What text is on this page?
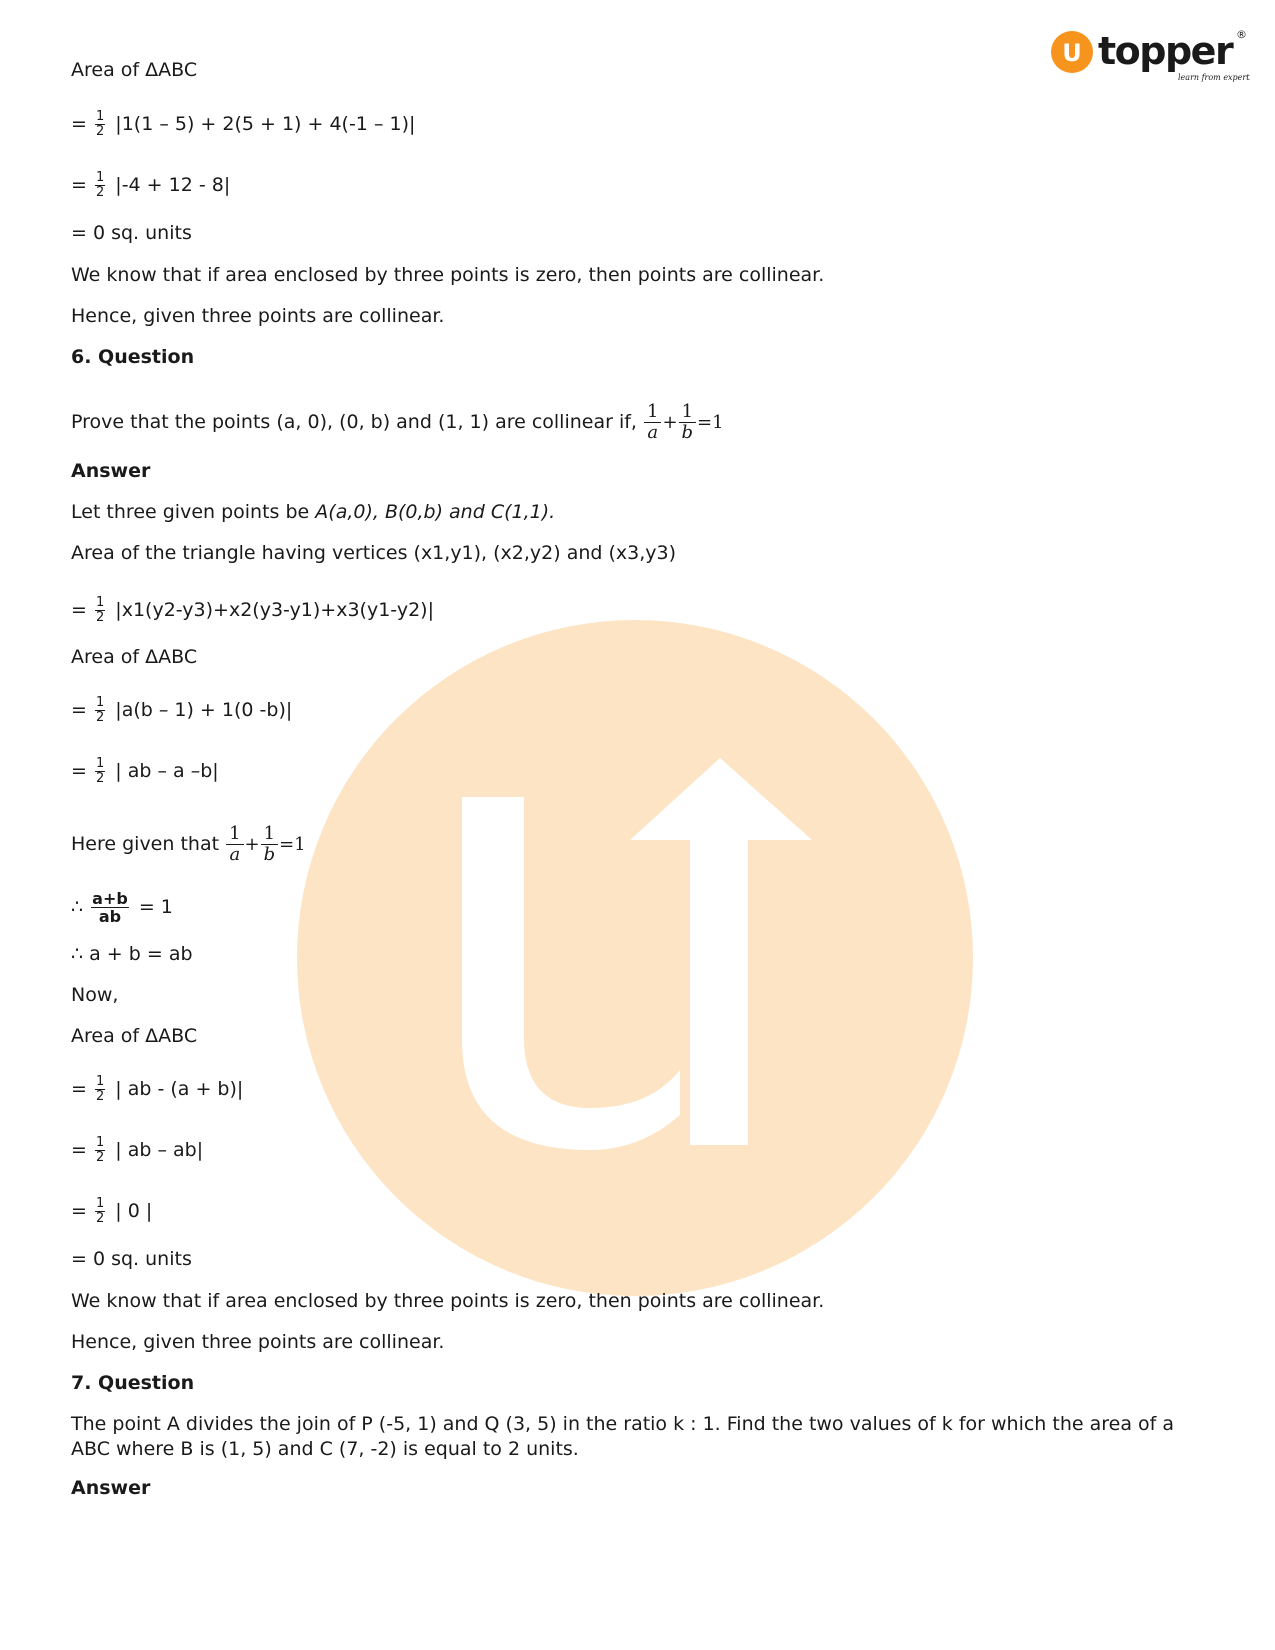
U topper ®
learn from experts
Area of ΔABC
= $\frac{1}{2} |1(1 - 5) + 2(5 + 1) + 4(-1 - 1)|$
= $\frac{1}{2} |-4 + 12 - 8|$
= 0 sq. units
We know that if area enclosed by three points is zero, then points are collinear.
Hence, given three points are collinear.
6. Question
Prove that the points (a, 0), (0, b) and (1, 1) are collinear if, $\frac{1}{a} + \frac{1}{b} =1$
Answer
Let three given points be A(a,0), B(0,b) and C(1,1).
Area of the triangle having vertices (x1,y1), (x2,y2) and (x3,y3)
= $\frac{1}{2} |x1(y2-y3)+x2(y3-y1)+x3(y1-y2)|$
Area of ΔABC
= $\frac{1}{2} |a(b - 1) + 1(0$ -b)|
= $\frac{1}{2}$ | ab – a –b|
Here given that $\frac{1}{a} + \frac{1}{b} =1$
∴ $\frac{a+b}{ab} = 1$
∴ a + b = ab
Now,
Area of ΔABC
= $\frac{1}{2}$ | ab - (a + b)|
= $\frac{1}{2}$ | ab – ab|
= $\frac{1}{2}$ | 0 |
= 0 sq. units
We know that if area enclosed by three points is zero, then points are collinear.
Hence, given three points are collinear.
7. Question
The point A divides the join of P (-5, 1) and Q (3, 5) in the ratio k : 1. Find the two values of k for which the area of a ABC where B is (1, 5) and C (7, -2) is equal to 2 units.
Answer
